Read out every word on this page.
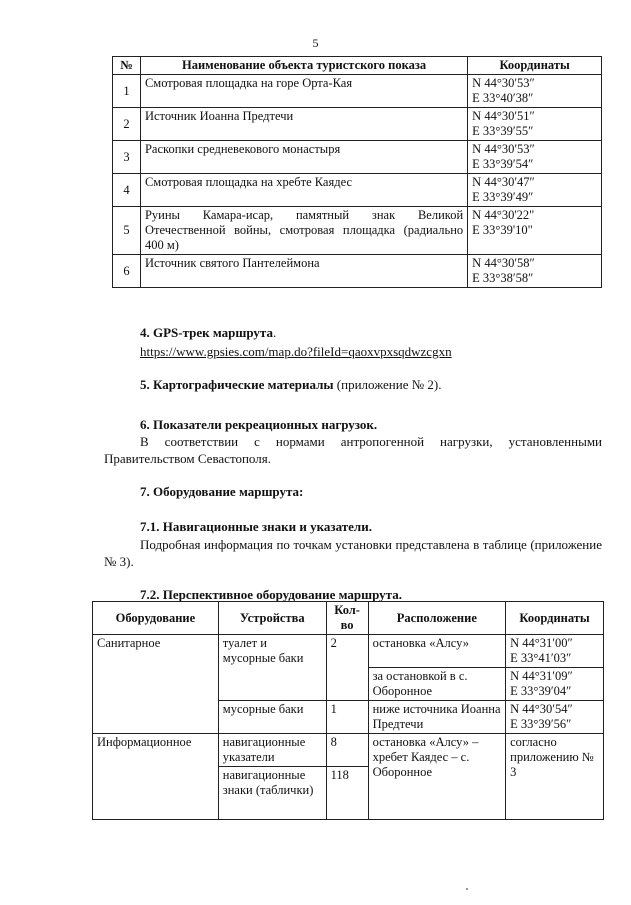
5
№	Наименование объекта туристского показа	Координаты
1	Смотровая площадка на горе Орта-Кая	N 44°30′53″
E 33°40′38″

2	Источник Иоанна Предтечи	N 44°30′51″
E 33°39′55″

3	Раскопки средневекового монастыря	N 44°30′53″
E 33°39′54″

4	Смотровая площадка на хребте Каядес	N 44°30′47″
E 33°39′49″

5	Руины Камара-исар, памятный знак Великой Отечественной войны, смотровая площадка (радиально 400 м)	N 44°30'22"
E 33°39'10"

6	Источник святого Пантелеймона	N 44°30′58″
E 33°38′58″
4. GPS-трек маршрута.
https://www.gpsies.com/map.do?fileId=qaoxvpxsqdwzcgxn
5. Картографические материалы (приложение № 2).
6. Показатели рекреационных нагрузок.
В соответствии с нормами антропогенной нагрузки, установленными Правительством Севастополя.
7. Оборудование маршрута:
7.1. Навигационные знаки и указатели.
Подробная информация по точкам установки представлена в таблице (приложение № 3).
7.2. Перспективное оборудование маршрута.
Оборудование	Устройства	Кол-во	Расположение	Координаты
Санитарное	туалет и мусорные баки	2	остановка «Алсу»	N 44°31′00″
E 33°41′03″

			за остановкой в с. Оборонное	N 44°31′09″
E 33°39′04″

	мусорные баки	1	ниже источника Иоанна Предтечи	N 44°30′54″
E 33°39′56″

Информационное	навигационные указатели	8	остановка «Алсу» – хребет Каядес – с. Оборонное	согласно приложению № 3
	навигационные знаки (таблички)	118		
